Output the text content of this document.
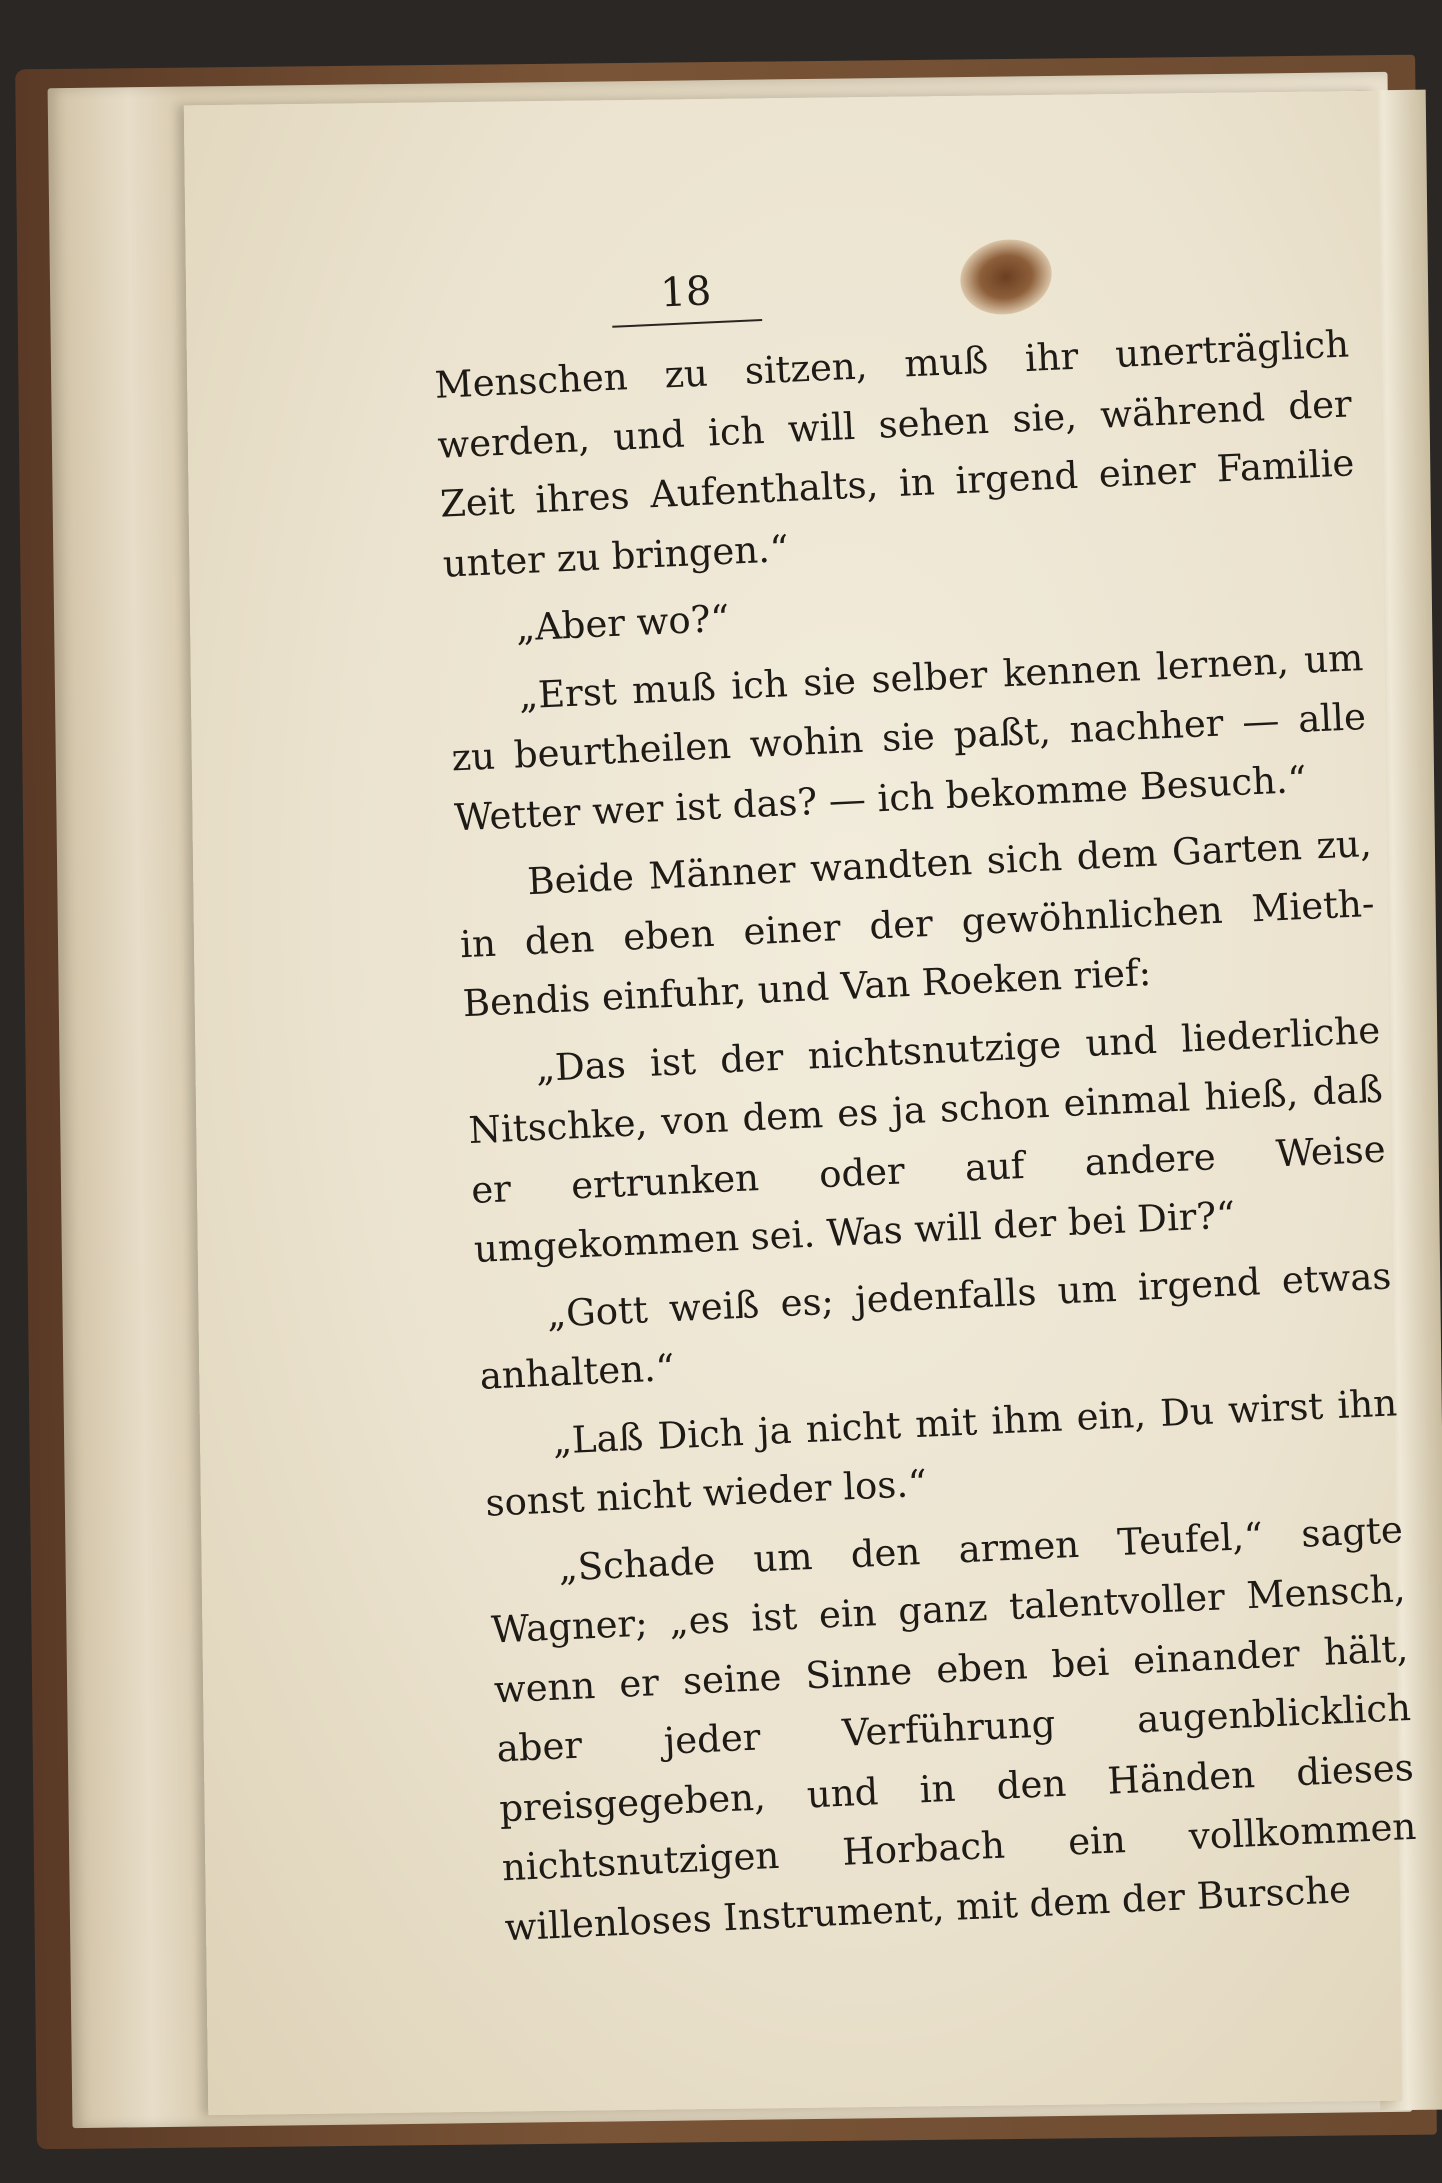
18

Menschen zu sitzen, muß ihr unerträglich werden, und ich will sehen sie, während der Zeit ihres Aufenthalts, in irgend einer Familie unter zu bringen.“

„Aber wo?“

„Erst muß ich sie selber kennen lernen, um zu beurtheilen wohin sie paßt, nachher — alle Wetter wer ist das? — ich bekomme Besuch.“

Beide Männer wandten sich dem Garten zu, in den eben einer der gewöhnlichen Mieth-Bendis einfuhr, und Van Roeken rief:

„Das ist der nichtsnutzige und liederliche Nitschke, von dem es ja schon einmal hieß, daß er ertrunken oder auf andere Weise umgekommen sei. Was will der bei Dir?“

„Gott weiß es; jedenfalls um irgend etwas anhalten.“

„Laß Dich ja nicht mit ihm ein, Du wirst ihn sonst nicht wieder los.“

„Schade um den armen Teufel,“ sagte Wagner; „es ist ein ganz talentvoller Mensch, wenn er seine Sinne eben bei einander hält, aber jeder Verführung augenblicklich preisgegeben, und in den Händen dieses nichtsnutzigen Horbach ein vollkommen willenloses Instrument, mit dem der Bursche
